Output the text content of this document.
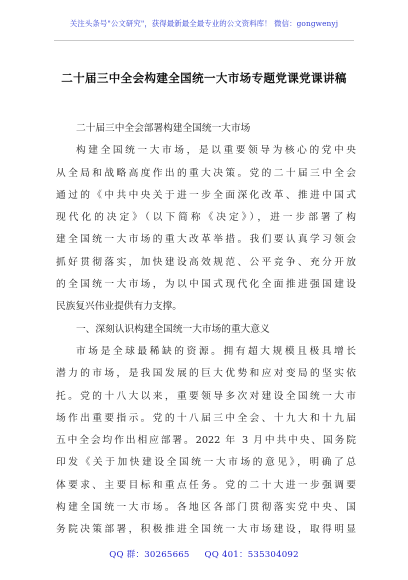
关注头条号"公文研究"，获得最新最全最专业的公文资料库！ 微信：gongwenyj
二十届三中全会构建全国统一大市场专题党课党课讲稿
二十届三中全会部署构建全国统一大市场
构建全国统一大市场，是以重要领导为核心的党中央
从全局和战略高度作出的重大决策。党的二十届三中全会
通过的《中共中央关于进一步全面深化改革、推进中国式
现代化的决定》（以下简称《决定》），进一步部署了构
建全国统一大市场的重大改革举措。我们要认真学习领会
抓好贯彻落实，加快建设高效规范、公平竞争、充分开放
的全国统一大市场，为以中国式现代化全面推进强国建设
民族复兴伟业提供有力支撑。
一、深刻认识构建全国统一大市场的重大意义
市场是全球最稀缺的资源。拥有超大规模且极具增长
潜力的市场，是我国发展的巨大优势和应对变局的坚实依
托。党的十八大以来，重要领导多次对建设全国统一大市
场作出重要指示。党的十八届三中全会、十九大和十九届
五中全会均作出相应部署。2022 年 3 月中共中央、国务院
印发《关于加快建设全国统一大市场的意见》，明确了总
体要求、主要目标和重点任务。党的二十大进一步强调要
构建全国统一大市场。各地区各部门贯彻落实党中央、国
务院决策部署，积极推进全国统一大市场建设，取得明显
QQ 群：30265665 QQ 401：535304092
